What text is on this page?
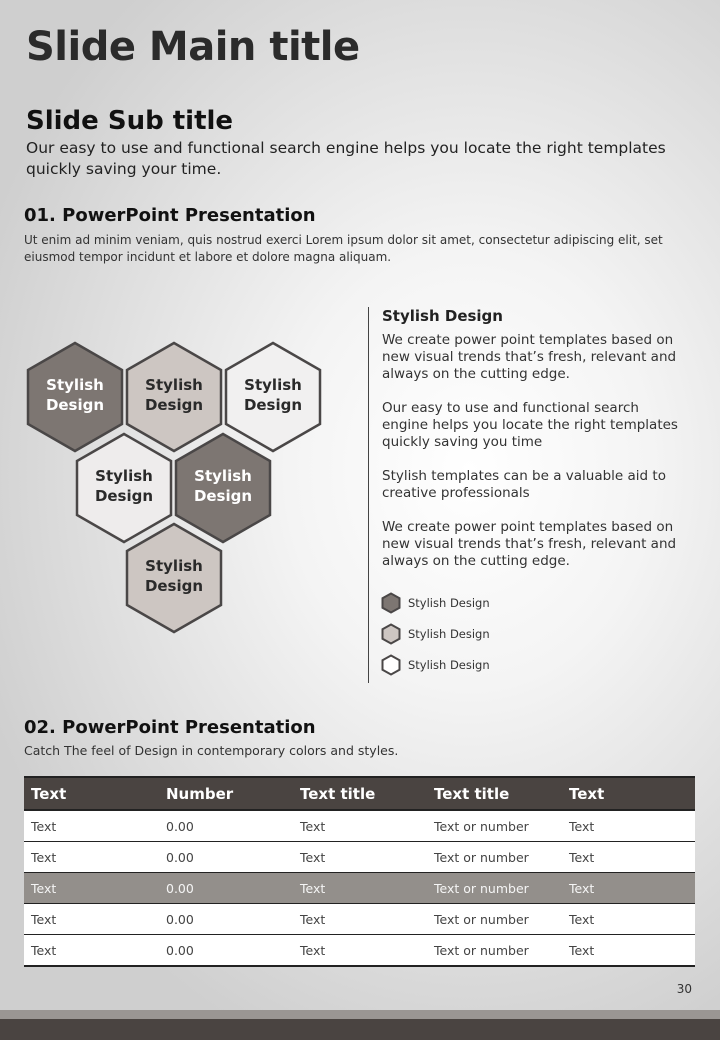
Slide Main title
Slide Sub title
Our easy to use and functional search engine helps you locate the right templates quickly saving your time.
01. PowerPoint Presentation
Ut enim ad minim veniam, quis nostrud exerci Lorem ipsum dolor sit amet, consectetur adipiscing elit, set eiusmod tempor incidunt et labore et dolore magna aliquam.
Stylish
Design
Stylish
Design
Stylish
Design
Stylish
Design
Stylish
Design
Stylish
Design
Stylish Design
We create power point templates based on new visual trends that’s fresh, relevant and always on the cutting edge.
Our easy to use and functional search engine helps you locate the right templates quickly saving you time
Stylish templates can be a valuable aid to creative professionals
We create power point templates based on new visual trends that’s fresh, relevant and always on the cutting edge.
Stylish Design
Stylish Design
Stylish Design
02. PowerPoint Presentation
Catch The feel of Design in contemporary colors and styles.
Text	Number	Text title	Text title	Text
Text	0.00	Text	Text or number	Text
Text	0.00	Text	Text or number	Text
Text	0.00	Text	Text or number	Text
Text	0.00	Text	Text or number	Text
Text	0.00	Text	Text or number	Text
30
